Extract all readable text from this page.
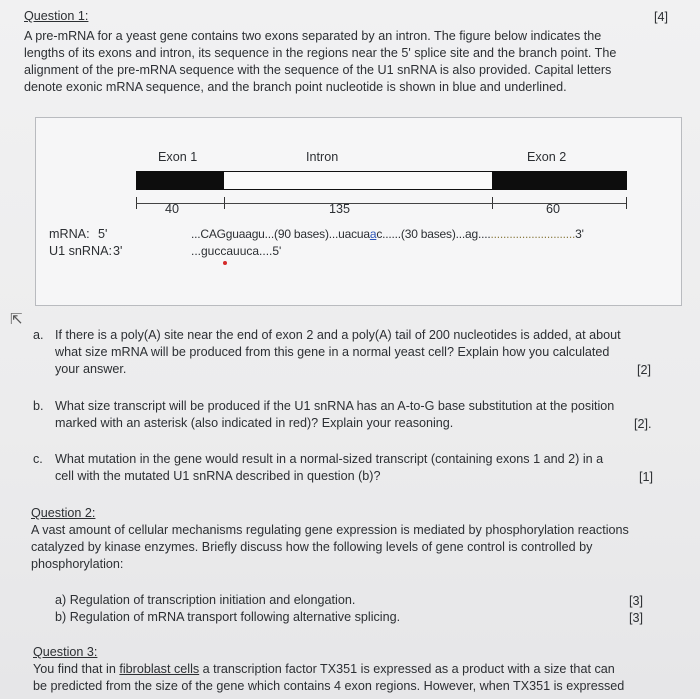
Question 1:	[4]
A pre-mRNA for a yeast gene contains two exons separated by an intron. The figure below indicates the
lengths of its exons and intron, its sequence in the regions near the 5' splice site and the branch point. The
alignment of the pre-mRNA sequence with the sequence of the U1 snRNA is also provided. Capital letters
denote exonic mRNA sequence, and the branch point nucleotide is shown in blue and underlined.
Exon 1	Intron	Exon 2
40	135	60
mRNA: 5'
U1 snRNA: 3'
...CAGguaagu...(90 bases)...uacuaac......(30 bases)...ag...............................3'
...guccauuca....5'
⇱
a. If there is a poly(A) site near the end of exon 2 and a poly(A) tail of 200 nucleotides is added, at about
what size mRNA will be produced from this gene in a normal yeast cell? Explain how you calculated
your answer.	[2]
b. What size transcript will be produced if the U1 snRNA has an A-to-G base substitution at the position
marked with an asterisk (also indicated in red)? Explain your reasoning.	[2].
c. What mutation in the gene would result in a normal-sized transcript (containing exons 1 and 2) in a
cell with the mutated U1 snRNA described in question (b)?	[1]
Question 2:
A vast amount of cellular mechanisms regulating gene expression is mediated by phosphorylation reactions
catalyzed by kinase enzymes. Briefly discuss how the following levels of gene control is controlled by
phosphorylation:
a) Regulation of transcription initiation and elongation.	[3]
b) Regulation of mRNA transport following alternative splicing.	[3]
Question 3:
You find that in fibroblast cells a transcription factor TX351 is expressed as a product with a size that can
be predicted from the size of the gene which contains 4 exon regions. However, when TX351 is expressed
